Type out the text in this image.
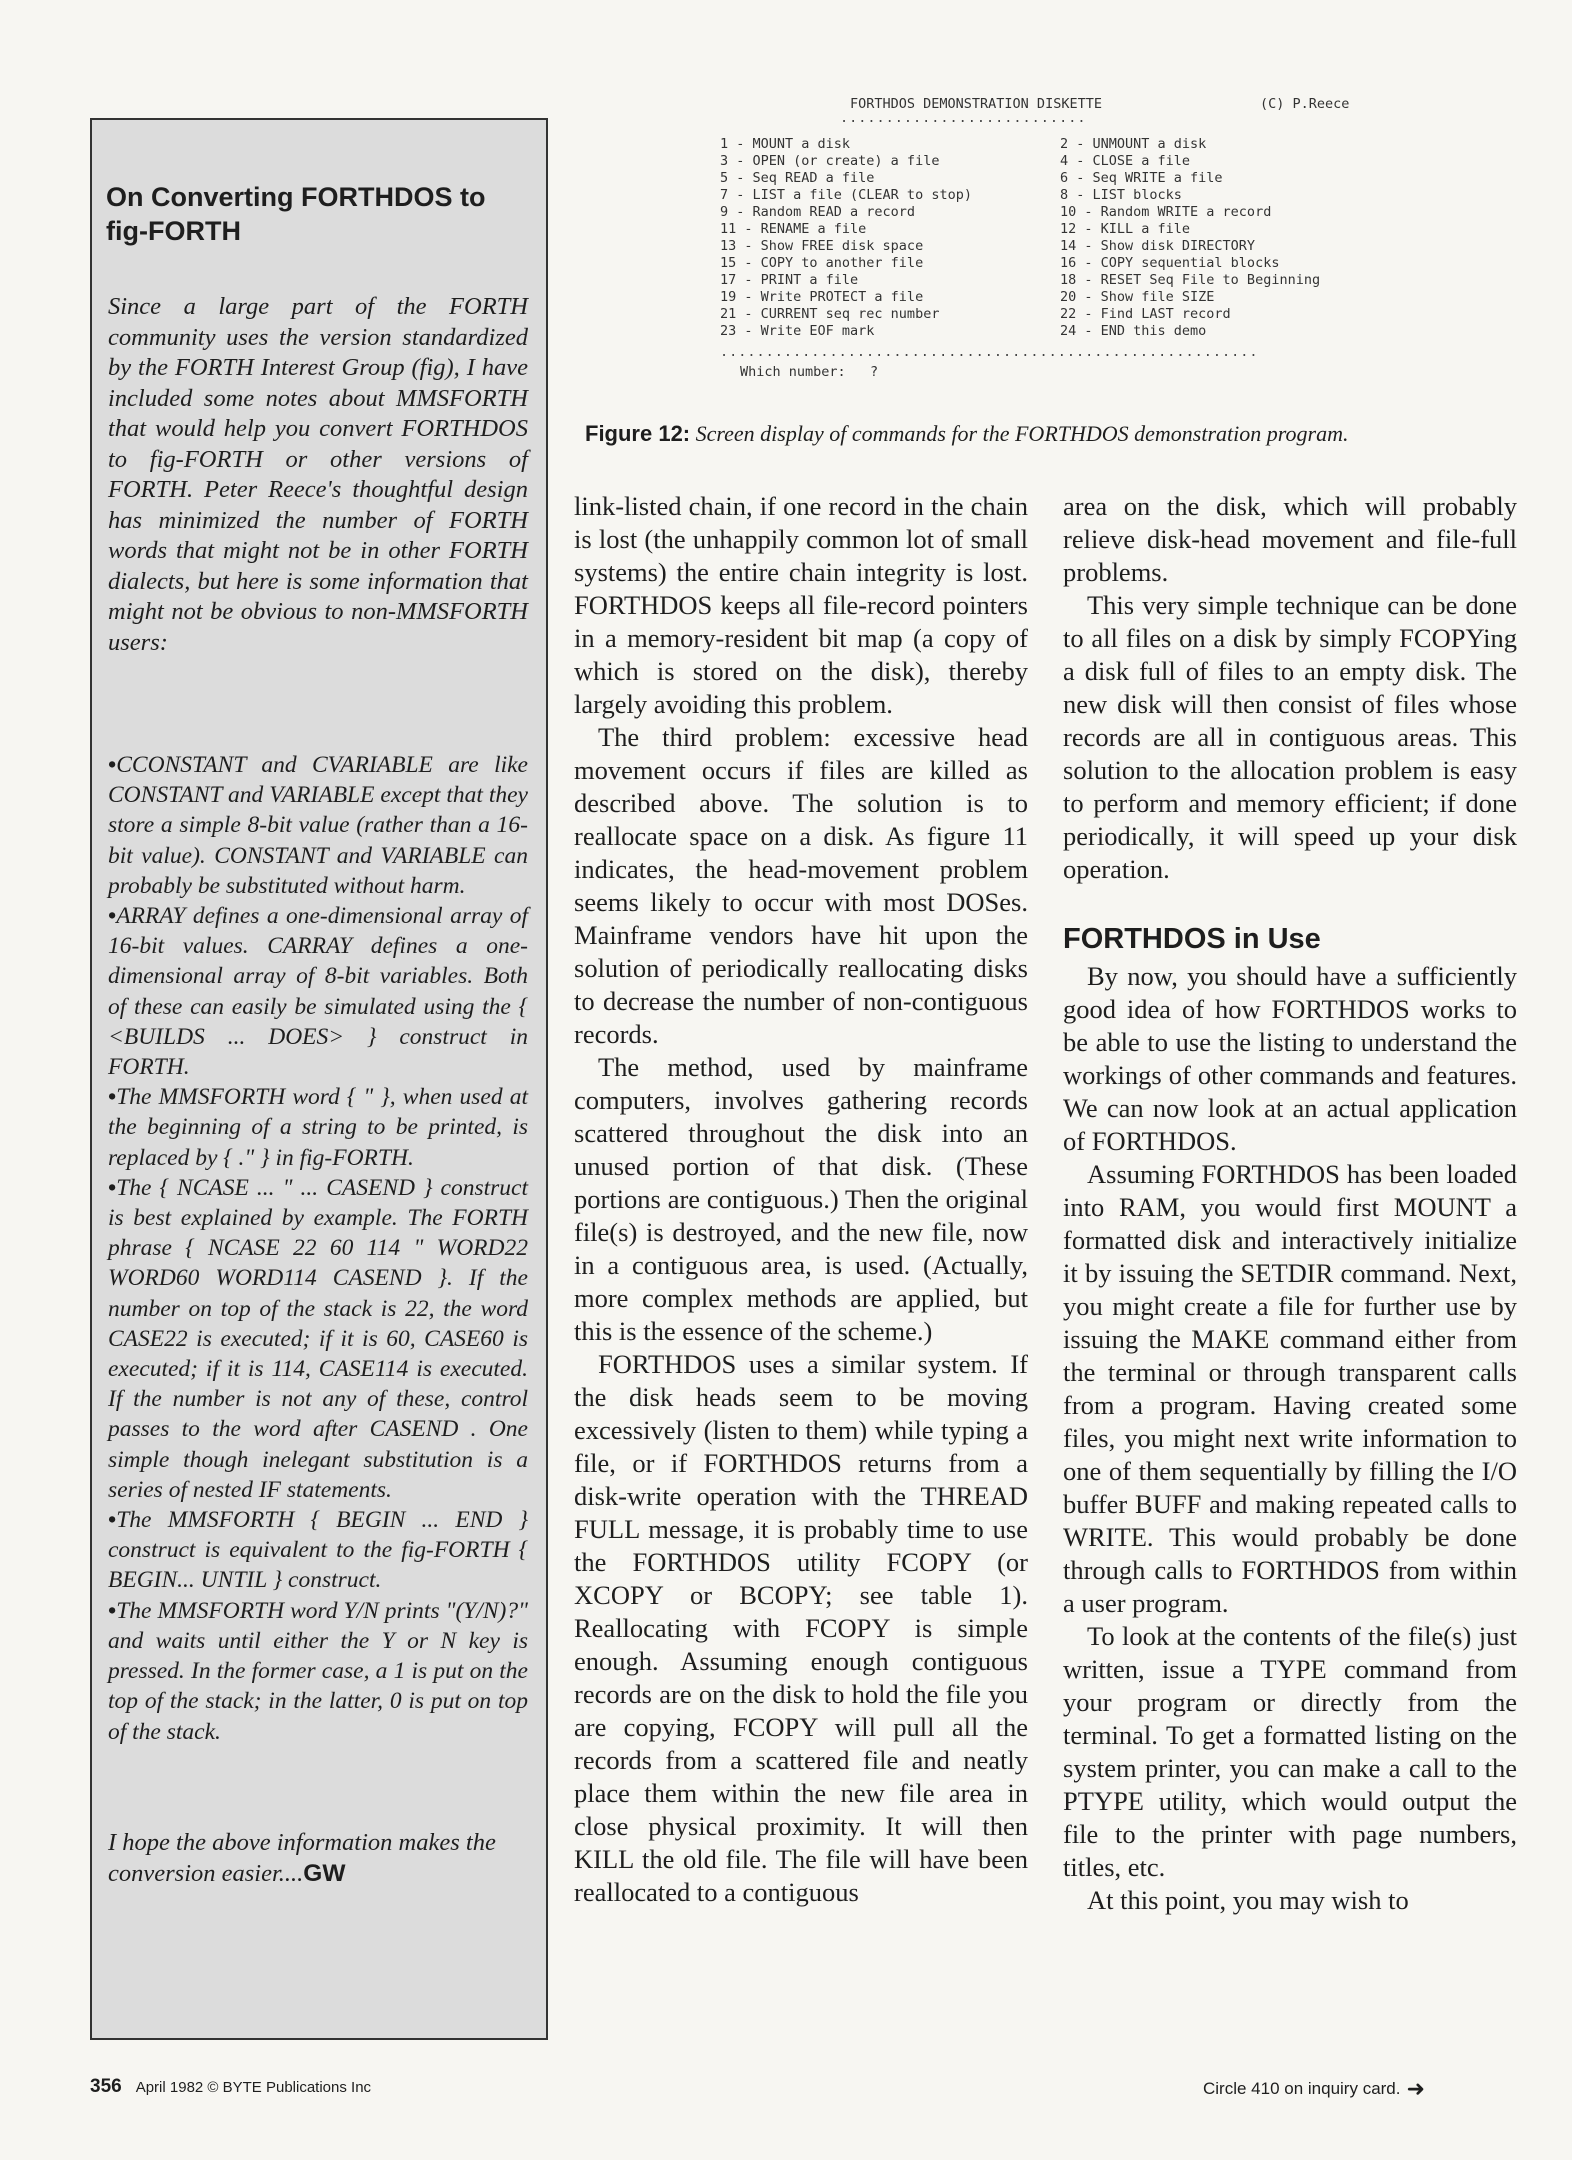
On Converting FORTHDOS to fig-FORTH

Since a large part of the FORTH community uses the version standardized by the FORTH Interest Group (fig), I have included some notes about MMSFORTH that would help you convert FORTHDOS to fig-FORTH or other versions of FORTH. Peter Reece's thoughtful design has minimized the number of FORTH words that might not be in other FORTH dialects, but here is some information that might not be obvious to non-MMSFORTH users:

•CCONSTANT and CVARIABLE are like CONSTANT and VARIABLE except that they store a simple 8-bit value (rather than a 16-bit value). CONSTANT and VARIABLE can probably be substituted without harm.

•ARRAY defines a one-dimensional array of 16-bit values. CARRAY defines a one-dimensional array of 8-bit variables. Both of these can easily be simulated using the { <BUILDS ... DOES> } construct in FORTH.

•The MMSFORTH word { " }, when used at the beginning of a string to be printed, is replaced by { ." } in fig-FORTH.

•The { NCASE ... " ... CASEND } construct is best explained by example. The FORTH phrase { NCASE 22 60 114 " WORD22 WORD60 WORD114 CASEND }. If the number on top of the stack is 22, the word CASE22 is executed; if it is 60, CASE60 is executed; if it is 114, CASE114 is executed. If the number is not any of these, control passes to the word after CASEND . One simple though inelegant substitution is a series of nested IF statements.

•The MMSFORTH { BEGIN ... END } construct is equivalent to the fig-FORTH { BEGIN... UNTIL } construct.

•The MMSFORTH word Y/N prints "(Y/N)?" and waits until either the Y or N key is pressed. In the former case, a 1 is put on the top of the stack; in the latter, 0 is put on top of the stack.

I hope the above information makes the conversion easier....GW

FORTHDOS DEMONSTRATION DISKETTE	(C) P.Reece
...........................
1 - MOUNT a disk	2 - UNMOUNT a disk
3 - OPEN (or create) a file	4 - CLOSE a file
5 - Seq READ a file	6 - Seq WRITE a file
7 - LIST a file (CLEAR to stop)	8 - LIST blocks
9 - Random READ a record	10 - Random WRITE a record
11 - RENAME a file	12 - KILL a file
13 - Show FREE disk space	14 - Show disk DIRECTORY
15 - COPY to another file	16 - COPY sequential blocks
17 - PRINT a file	18 - RESET Seq File to Beginning
19 - Write PROTECT a file	20 - Show file SIZE
21 - CURRENT seq rec number	22 - Find LAST record
23 - Write EOF mark	24 - END this demo
...........................................................
Which number:   ?

Figure 12: Screen display of commands for the FORTHDOS demonstration program.

link-listed chain, if one record in the chain is lost (the unhappily common lot of small systems) the entire chain integrity is lost. FORTHDOS keeps all file-record pointers in a memory-resident bit map (a copy of which is stored on the disk), thereby largely avoiding this problem.

The third problem: excessive head movement occurs if files are killed as described above. The solution is to reallocate space on a disk. As figure 11 indicates, the head-movement problem seems likely to occur with most DOSes. Mainframe vendors have hit upon the solution of periodically reallocating disks to decrease the number of non-contiguous records.

The method, used by mainframe computers, involves gathering records scattered throughout the disk into an unused portion of that disk. (These portions are contiguous.) Then the original file(s) is destroyed, and the new file, now in a contiguous area, is used. (Actually, more complex methods are applied, but this is the essence of the scheme.)

FORTHDOS uses a similar system. If the disk heads seem to be moving excessively (listen to them) while typing a file, or if FORTHDOS returns from a disk-write operation with the THREAD FULL message, it is probably time to use the FORTHDOS utility FCOPY (or XCOPY or BCOPY; see table 1). Reallocating with FCOPY is simple enough. Assuming enough contiguous records are on the disk to hold the file you are copying, FCOPY will pull all the records from a scattered file and neatly place them within the new file area in close physical proximity. It will then KILL the old file. The file will have been reallocated to a contiguous

area on the disk, which will probably relieve disk-head movement and file-full problems.

This very simple technique can be done to all files on a disk by simply FCOPYing a disk full of files to an empty disk. The new disk will then consist of files whose records are all in contiguous areas. This solution to the allocation problem is easy to perform and memory efficient; if done periodically, it will speed up your disk operation.

FORTHDOS in Use

By now, you should have a sufficiently good idea of how FORTHDOS works to be able to use the listing to understand the workings of other commands and features. We can now look at an actual application of FORTHDOS.

Assuming FORTHDOS has been loaded into RAM, you would first MOUNT a formatted disk and interactively initialize it by issuing the SETDIR command. Next, you might create a file for further use by issuing the MAKE command either from the terminal or through transparent calls from a program. Having created some files, you might next write information to one of them sequentially by filling the I/O buffer BUFF and making repeated calls to WRITE. This would probably be done through calls to FORTHDOS from within a user program.

To look at the contents of the file(s) just written, issue a TYPE command from your program or directly from the terminal. To get a formatted listing on the system printer, you can make a call to the PTYPE utility, which would output the file to the printer with page numbers, titles, etc.

At this point, you may wish to

356 April 1982 © BYTE Publications Inc	Circle 410 on inquiry card. ➜
